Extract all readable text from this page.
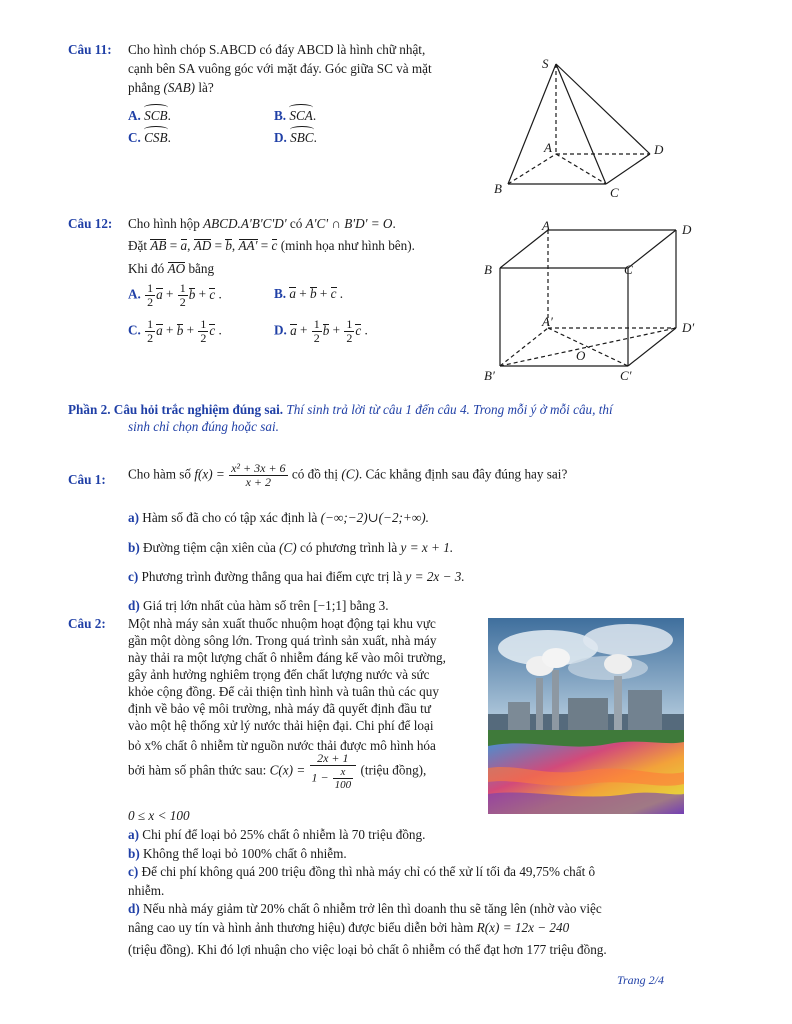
Câu 11: Cho hình chóp S.ABCD có đáy ABCD là hình chữ nhật,
cạnh bên SA vuông góc với mặt đáy. Góc giữa SC và mặt
phẳng (SAB) là?
A. SCB.	B. SCA.
C. CSB.	D. SBC.
S
A
B	C
D
Câu 12: Cho hình hộp ABCD.A'B'C'D' có A'C' ∩ B'D' = O.
Đặt AB = a, AD = b, AA′ = c (minh họa như hình bên).
Khi đó AO bằng
A. $\frac{1}{2}$ $a + \frac{1}{2}$ b + c .	B. a + b + c .
C. $\frac{1}{2}$ $a + b + \frac{1}{2}$ c .	D. $a + \frac{1}{2}$ $b + \frac{1}{2}$ c .
A	D
B	C
A′	D′
B′	C′
O
Phần 2. Câu hỏi trắc nghiệm đúng sai. Thí sinh trả lời từ câu 1 đến câu 4. Trong mỗi ý ở mỗi câu, thí
sinh chỉ chọn đúng hoặc sai.
Câu 1: Cho hàm số $f(x) = \frac{\text{x² + 3x + 6}}{x + 2}$ có đồ thị (C). Các khẳng định sau đây đúng hay sai?
a) Hàm số đã cho có tập xác định là (−∞;−2)∪(−2;+∞).
b) Đường tiệm cận xiên của (C) có phương trình là y = x + 1.
c) Phương trình đường thẳng qua hai điểm cực trị là y = 2x − 3.
d) Giá trị lớn nhất của hàm số trên [−1;1] bằng 3.
Câu 2: Một nhà máy sản xuất thuốc nhuộm hoạt động tại khu vực
gần một dòng sông lớn. Trong quá trình sản xuất, nhà máy
này thải ra một lượng chất ô nhiễm đáng kể vào môi trường,
gây ảnh hưởng nghiêm trọng đến chất lượng nước và sức
khỏe cộng đồng. Để cải thiện tình hình và tuân thủ các quy
định về bảo vệ môi trường, nhà máy đã quyết định đầu tư
vào một hệ thống xử lý nước thải hiện đại. Chi phí để loại
bỏ x% chất ô nhiễm từ nguồn nước thải được mô hình hóa
bởi hàm số phân thức sau: $C(x) = \frac{2x + 1}{1 - \frac{x}{100}}$ (triệu đồng),
0 ≤ x < 100
a) Chi phí để loại bỏ 25% chất ô nhiễm là 70 triệu đồng.
b) Không thể loại bỏ 100% chất ô nhiễm.
c) Để chi phí không quá 200 triệu đồng thì nhà máy chỉ có thể xử lí tối đa 49,75% chất ô
nhiễm.
d) Nếu nhà máy giảm từ 20% chất ô nhiễm trở lên thì doanh thu sẽ tăng lên (nhờ vào việc
nâng cao uy tín và hình ảnh thương hiệu) được biểu diễn bởi hàm R(x) = 12x − 240
(triệu đồng). Khi đó lợi nhuận cho việc loại bỏ chất ô nhiễm có thể đạt hơn 177 triệu đồng.
Trang 2/4
